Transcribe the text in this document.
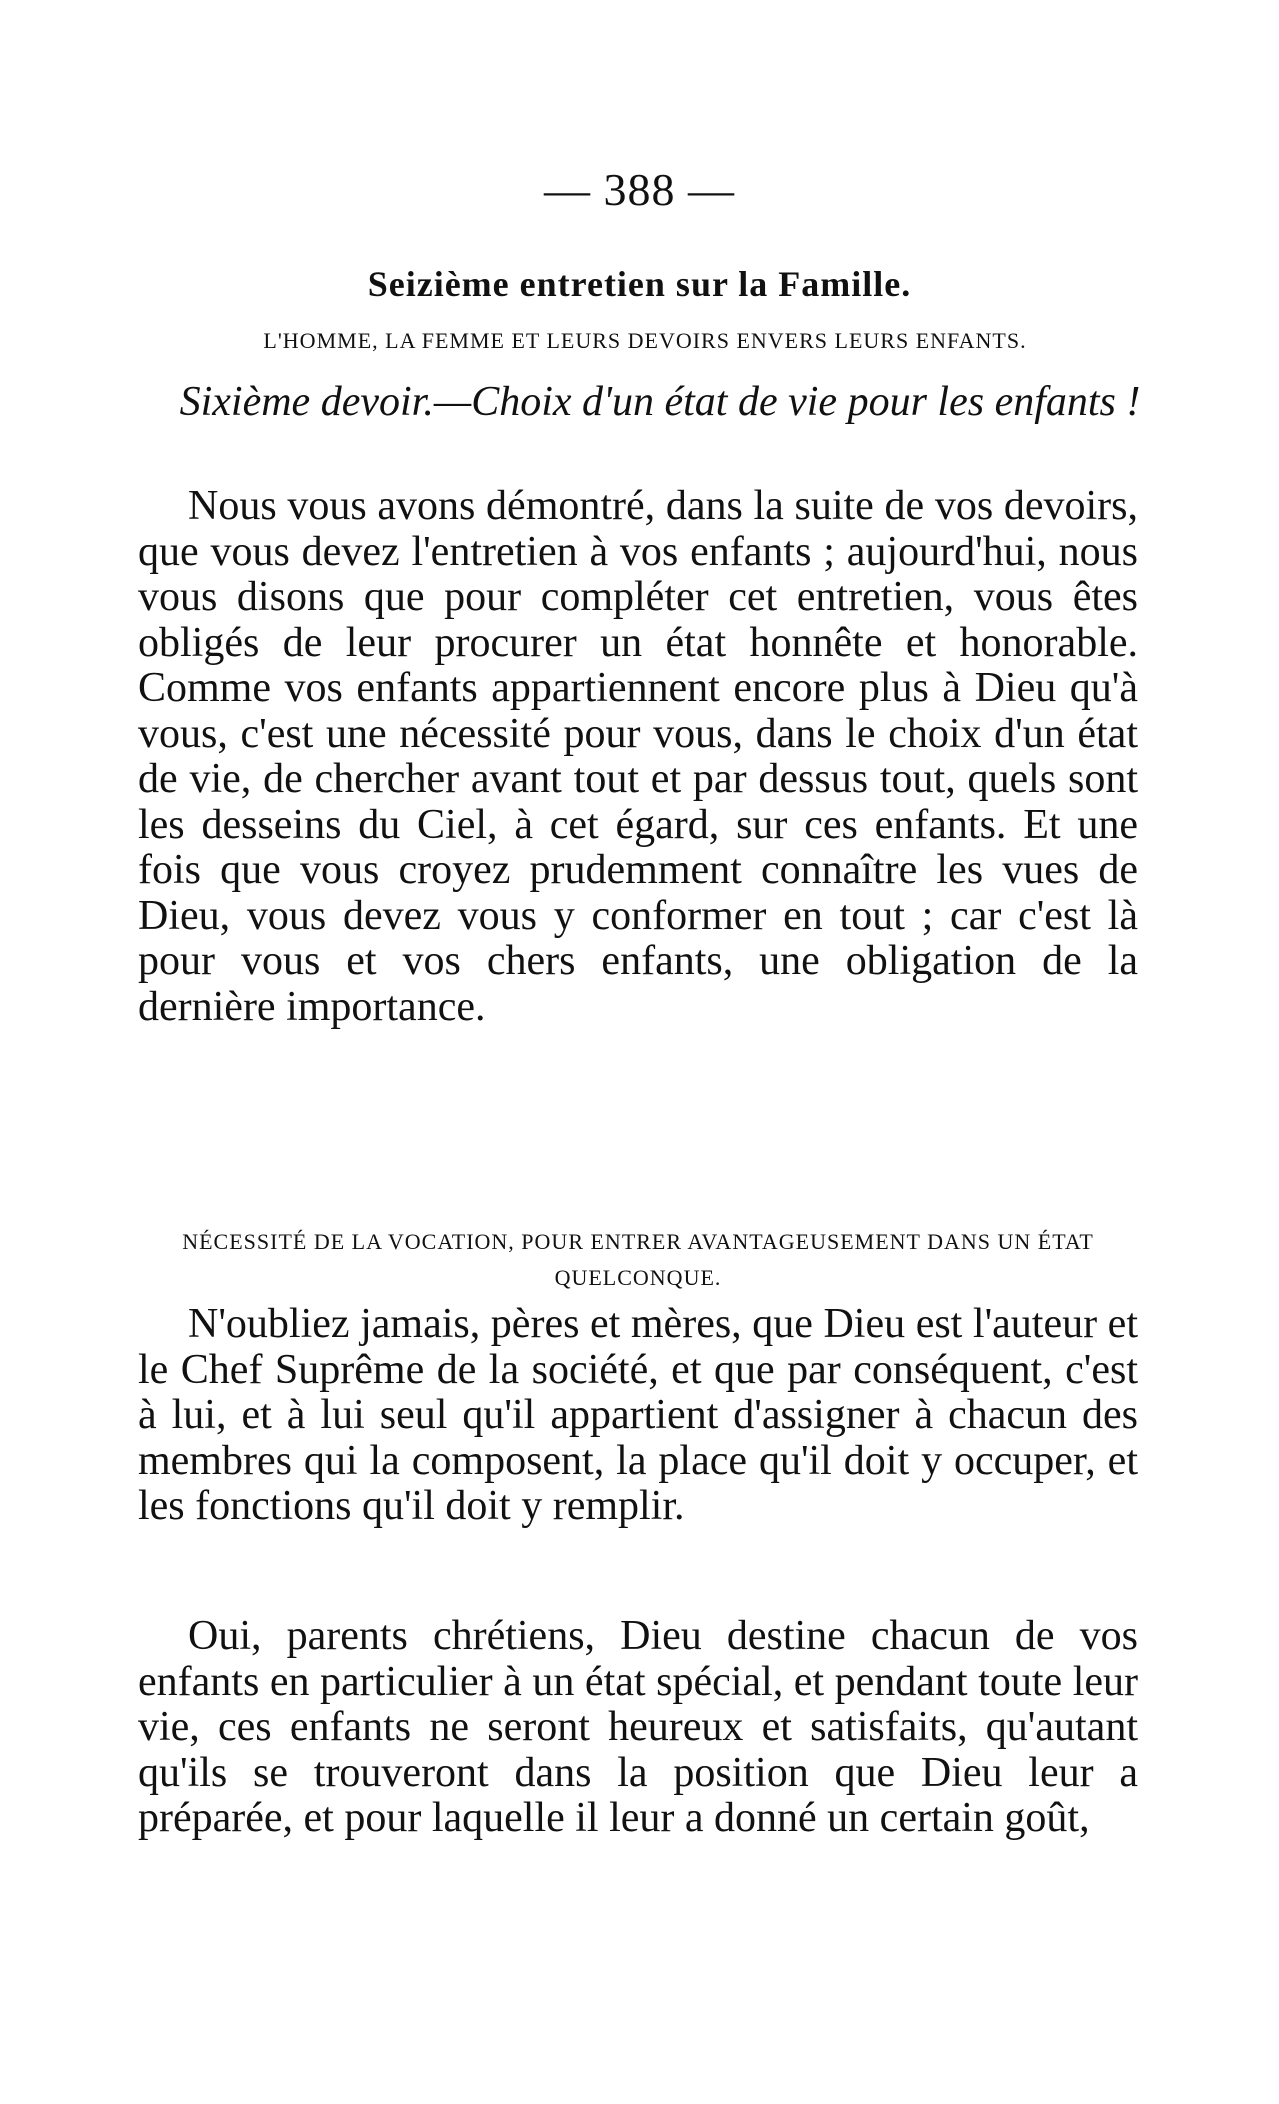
— 388 —
Seizième entretien sur la Famille.
L'HOMME, LA FEMME ET LEURS DEVOIRS ENVERS LEURS ENFANTS.
Sixième devoir.—Choix d'un état de vie pour les enfants !
Nous vous avons démontré, dans la suite de vos devoirs, que vous devez l'entretien à vos enfants ; aujourd'hui, nous vous disons que pour compléter cet entretien, vous êtes obligés de leur procurer un état honnête et honorable. Comme vos enfants appartiennent encore plus à Dieu qu'à vous, c'est une nécessité pour vous, dans le choix d'un état de vie, de chercher avant tout et par dessus tout, quels sont les desseins du Ciel, à cet égard, sur ces enfants. Et une fois que vous croyez prudemment connaître les vues de Dieu, vous devez vous y conformer en tout ; car c'est là pour vous et vos chers enfants, une obligation de la dernière importance.
NÉCESSITÉ DE LA VOCATION, POUR ENTRER AVANTAGEUSEMENT DANS UN ÉTAT QUELCONQUE.
N'oubliez jamais, pères et mères, que Dieu est l'auteur et le Chef Suprême de la société, et que par conséquent, c'est à lui, et à lui seul qu'il appartient d'assigner à chacun des membres qui la composent, la place qu'il doit y occuper, et les fonctions qu'il doit y remplir.
Oui, parents chrétiens, Dieu destine chacun de vos enfants en particulier à un état spécial, et pendant toute leur vie, ces enfants ne seront heureux et satisfaits, qu'autant qu'ils se trouveront dans la position que Dieu leur a préparée, et pour laquelle il leur a donné un certain goût,
